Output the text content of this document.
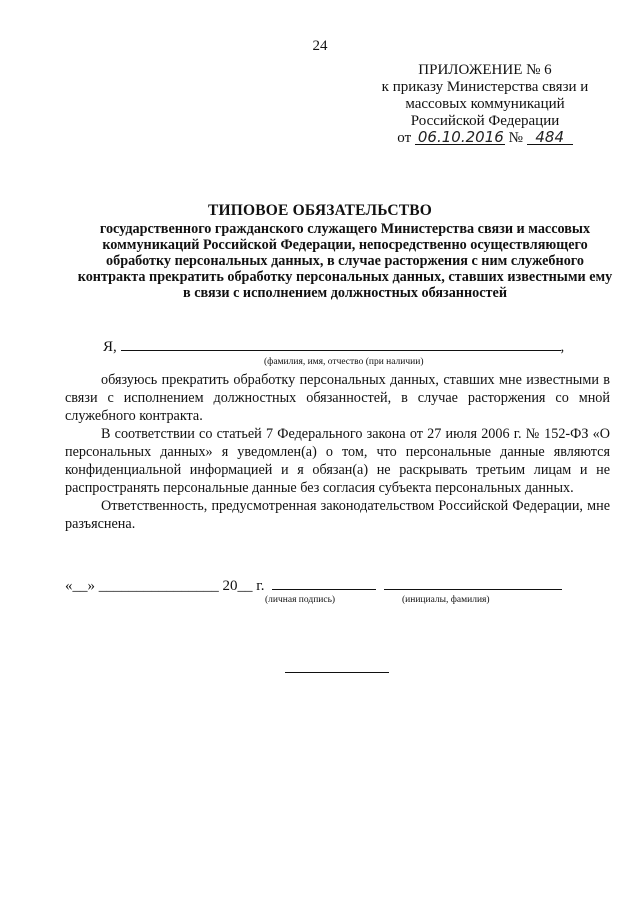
24
ПРИЛОЖЕНИЕ № 6
к приказу Министерства связи и
массовых коммуникаций
Российской Федерации
от 06.10.2016 № 484
ТИПОВОЕ ОБЯЗАТЕЛЬСТВО
государственного гражданского служащего Министерства связи и массовых коммуникаций Российской Федерации, непосредственно осуществляющего обработку персональных данных, в случае расторжения с ним служебного контракта прекратить обработку персональных данных, ставших известными ему в связи с исполнением должностных обязанностей
Я,	,
(фамилия, имя, отчество (при наличии)

обязуюсь прекратить обработку персональных данных, ставших мне известными в связи с исполнением должностных обязанностей, в случае расторжения со мной служебного контракта.

В соответствии со статьей 7 Федерального закона от 27 июля 2006 г. № 152-ФЗ «О персональных данных» я уведомлен(а) о том, что персональные данные являются конфиденциальной информацией и я обязан(а) не раскрывать третьим лицам и не распространять персональные данные без согласия субъекта персональных данных.

Ответственность, предусмотренная законодательством Российской Федерации, мне разъяснена.

«__» ________________ 20__ г.
(личная подпись)	(инициалы, фамилия)
